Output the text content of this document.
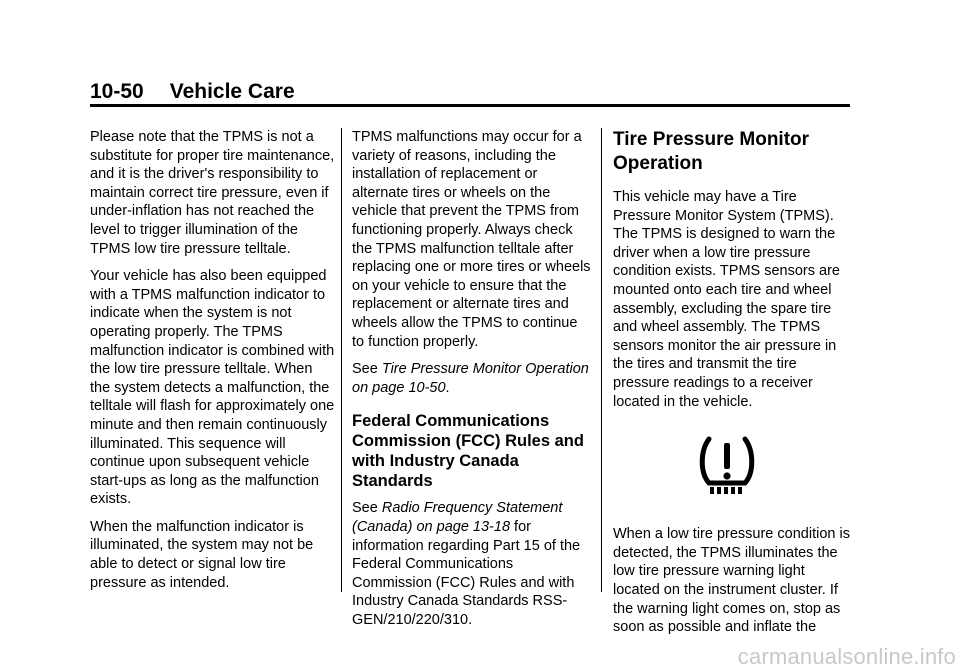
10-50 Vehicle Care

Please note that the TPMS is not a substitute for proper tire maintenance, and it is the driver's responsibility to maintain correct tire pressure, even if under-inflation has not reached the level to trigger illumination of the TPMS low tire pressure telltale.

Your vehicle has also been equipped with a TPMS malfunction indicator to indicate when the system is not operating properly. The TPMS malfunction indicator is combined with the low tire pressure telltale. When the system detects a malfunction, the telltale will flash for approximately one minute and then remain continuously illuminated. This sequence will continue upon subsequent vehicle start-ups as long as the malfunction exists.

When the malfunction indicator is illuminated, the system may not be able to detect or signal low tire pressure as intended.

TPMS malfunctions may occur for a variety of reasons, including the installation of replacement or alternate tires or wheels on the vehicle that prevent the TPMS from functioning properly. Always check the TPMS malfunction telltale after replacing one or more tires or wheels on your vehicle to ensure that the replacement or alternate tires and wheels allow the TPMS to continue to function properly.

See Tire Pressure Monitor Operation on page 10-50.

Federal Communications Commission (FCC) Rules and with Industry Canada Standards

See Radio Frequency Statement (Canada) on page 13-18 for information regarding Part 15 of the Federal Communications Commission (FCC) Rules and with Industry Canada Standards RSS-GEN/210/220/310.

Tire Pressure Monitor Operation

This vehicle may have a Tire Pressure Monitor System (TPMS). The TPMS is designed to warn the driver when a low tire pressure condition exists. TPMS sensors are mounted onto each tire and wheel assembly, excluding the spare tire and wheel assembly. The TPMS sensors monitor the air pressure in the tires and transmit the tire pressure readings to a receiver located in the vehicle.

When a low tire pressure condition is detected, the TPMS illuminates the low tire pressure warning light located on the instrument cluster. If the warning light comes on, stop as soon as possible and inflate the

carmanualsonline.info
